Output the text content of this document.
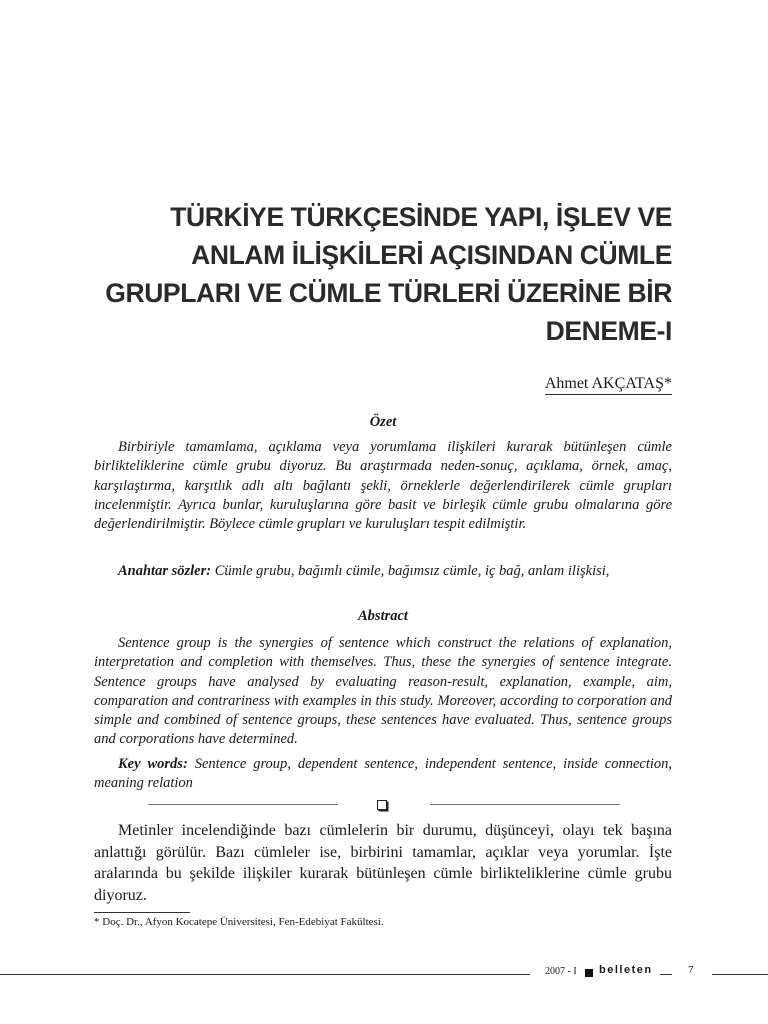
TÜRKİYE TÜRKÇESİNDE YAPI, İŞLEV VE
ANLAM İLİŞKİLERİ AÇISINDAN CÜMLE
GRUPLARI VE CÜMLE TÜRLERİ ÜZERİNE BİR
DENEME-I
Ahmet AKÇATAŞ*
Özet

Birbiriyle tamamlama, açıklama veya yorumlama ilişkileri kurarak bütünleşen cümle birlikteliklerine cümle grubu diyoruz. Bu araştırmada neden-sonuç, açıklama, örnek, amaç, karşılaştırma, karşıtlık adlı altı bağlantı şekli, örneklerle değerlendirilerek cümle grupları incelenmiştir. Ayrıca bunlar, kuruluşlarına göre basit ve birleşik cümle grubu olmalarına göre değerlendirilmiştir. Böylece cümle grupları ve kuruluşları tespit edilmiştir.

Anahtar sözler: Cümle grubu, bağımlı cümle, bağımsız cümle, iç bağ, anlam ilişkisi,

Abstract

Sentence group is the synergies of sentence which construct the relations of explanation, interpretation and completion with themselves. Thus, these the synergies of sentence integrate. Sentence groups have analysed by evaluating reason-result, explanation, example, aim, comparation and contrariness with examples in this study. Moreover, according to corporation and simple and combined of sentence groups, these sentences have evaluated. Thus, sentence groups and corporations have determined.

Key words: Sentence group, dependent sentence, independent sentence, inside connection, meaning relation

Metinler incelendiğinde bazı cümlelerin bir durumu, düşünceyi, olayı tek başına anlattığı görülür. Bazı cümleler ise, birbirini tamamlar, açıklar veya yorumlar. İşte aralarında bu şekilde ilişkiler kurarak bütünleşen cümle birlikteliklerine cümle grubu diyoruz.

* Doç. Dr., Afyon Kocatepe Üniversitesi, Fen-Edebiyat Fakültesi.
2007 - I belleten	7
